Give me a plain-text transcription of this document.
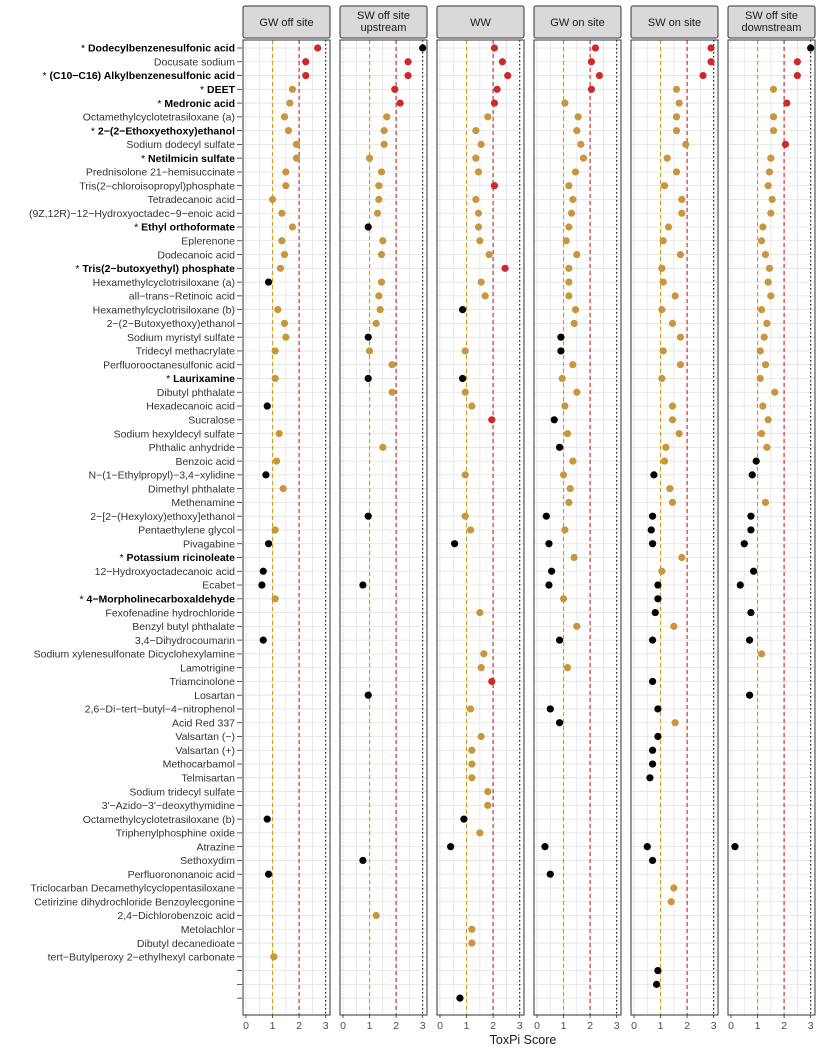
GW off site
SW off site
upstream	WW	GW on site	SW on site
SW off site
downstream
* Dodecylbenzenesulfonic acid
Docusate sodium
* (C10−C16) Alkylbenzenesulfonic acid
* DEET
* Medronic acid
Octamethylcyclotetrasiloxane (a)
* 2−(2−Ethoxyethoxy)ethanol
Sodium dodecyl sulfate
* Netilmicin sulfate
Prednisolone 21−hemisuccinate
Tris(2−chloroisopropyl)phosphate
Tetradecanoic acid
(9Z,12R)−12−Hydroxyoctadec−9−enoic acid
* Ethyl orthoformate
Eplerenone
Dodecanoic acid
* Tris(2−butoxyethyl) phosphate
Hexamethylcyclotrisiloxane (a)
all−trans−Retinoic acid
Hexamethylcyclotrisiloxane (b)
2−(2−Butoxyethoxy)ethanol
Sodium myristyl sulfate
Tridecyl methacrylate
Perfluorooctanesulfonic acid
* Laurixamine
Dibutyl phthalate
Hexadecanoic acid
Sucralose
Sodium hexyldecyl sulfate
Phthalic anhydride
Benzoic acid
N−(1−Ethylpropyl)−3,4−xylidine
Dimethyl phthalate
Methenamine
2−[2−(Hexyloxy)ethoxy]ethanol
Pentaethylene glycol
Pivagabine
* Potassium ricinoleate
12−Hydroxyoctadecanoic acid
Ecabet
* 4−Morpholinecarboxaldehyde
Fexofenadine hydrochloride
Benzyl butyl phthalate
3,4−Dihydrocoumarin
Sodium xylenesulfonate Dicyclohexylamine
Lamotrigine
Triamcinolone
Losartan
2,6−Di−tert−butyl−4−nitrophenol
Acid Red 337
Valsartan (−)
Valsartan (+)
Methocarbamol
Telmisartan
Sodium tridecyl sulfate
3'−Azido−3'−deoxythymidine
Octamethylcyclotetrasiloxane (b)
Triphenylphosphine oxide
Atrazine
Sethoxydim
Perfluorononanoic acid
Triclocarban Decamethylcyclopentasiloxane
Cetirizine dihydrochloride Benzoylecgonine
2,4−Dichlorobenzoic acid
Metolachlor
Dibutyl decanedioate
tert−Butylperoxy 2−ethylhexyl carbonate
0 1 2 3 0 1 2 3 0 1 2 3 0 1 2 3 0 1 2 3 0 1 2 3
ToxPi Score
